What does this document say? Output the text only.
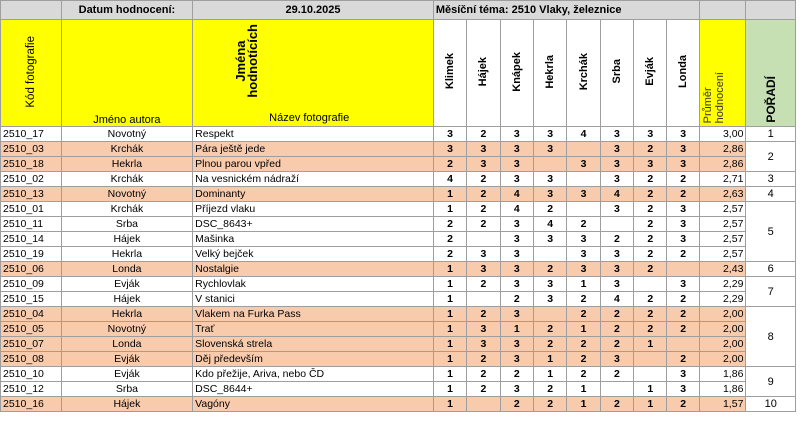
	Datum hodnocení:	29.10.2025	Měsíční téma: 2510 Vlaky, železnice									
Kód fotografie	Jméno autora	Jména
hodnotících
Název fotografie	Klimek	Hájek	Knápek	Hekrla	Krchák	Srba	Evják	Londa	Průměr
hodnocení	POŘADÍ
2510_17	Novotný	Respekt	3	2	3	3	4	3	3	3	3,00	1
2510_03	Krchák	Pára ještě jede	3	3	3	3		3	2	3	2,86	2
2510_18	Hekrla	Plnou parou vpřed	2	3	3		3	3	3	3	2,86	
2510_02	Krchák	Na vesnickém nádraží	4	2	3	3		3	2	2	2,71	3
2510_13	Novotný	Dominanty	1	2	4	3	3	4	2	2	2,63	4
2510_01	Krchák	Příjezd vlaku	1	2	4	2		3	2	3	2,57	5
2510_11	Srba	DSC_8643+	2	2	3	4	2		2	3	2,57	
2510_14	Hájek	Mašinka	2		3	3	3	2	2	3	2,57	
2510_19	Hekrla	Velký bejček	2	3	3		3	3	2	2	2,57	
2510_06	Londa	Nostalgie	1	3	3	2	3	3	2		2,43	6
2510_09	Evják	Rychlovlak	1	2	3	3	1	3		3	2,29	7
2510_15	Hájek	V stanici	1		2	3	2	4	2	2	2,29	
2510_04	Hekrla	Vlakem na Furka Pass	1	2	3		2	2	2	2	2,00	8
2510_05	Novotný	Trať	1	3	1	2	1	2	2	2	2,00	
2510_07	Londa	Slovenská strela	1	3	3	2	2	2	1		2,00	
2510_08	Evják	Děj především	1	2	3	1	2	3		2	2,00	
2510_10	Evják	Kdo přežije, Ariva, nebo ČD	1	2	2	1	2	2		3	1,86	9
2510_12	Srba	DSC_8644+	1	2	3	2	1		1	3	1,86	
2510_16	Hájek	Vagóny	1		2	2	1	2	1	2	1,57	10
